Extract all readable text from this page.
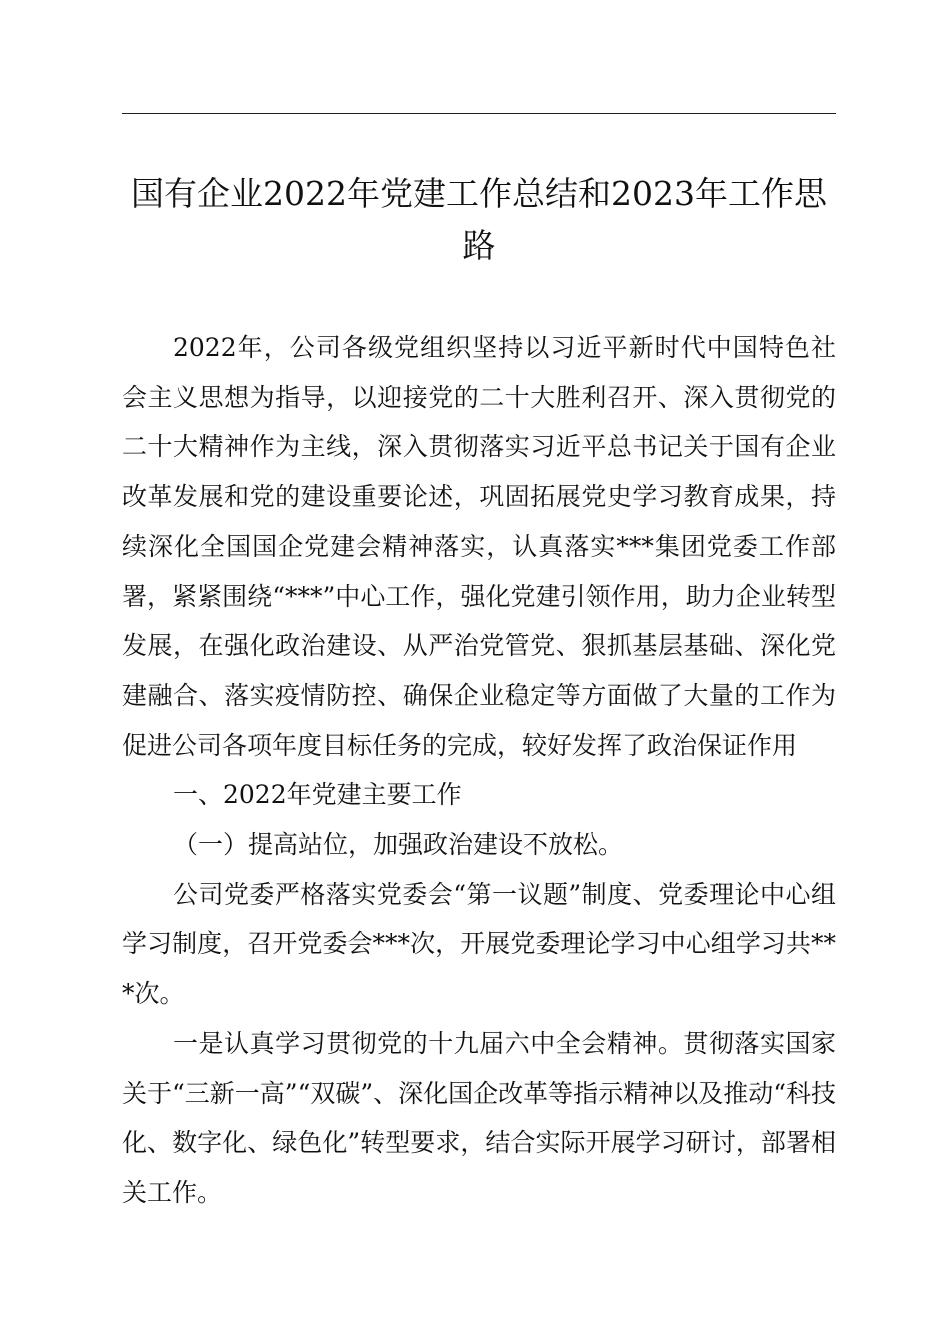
国有企业2022年党建工作总结和2023年工作思路

2022年，公司各级党组织坚持以习近平新时代中国特色社会主义思想为指导，以迎接党的二十大胜利召开、深入贯彻党的二十大精神作为主线，深入贯彻落实习近平总书记关于国有企业改革发展和党的建设重要论述，巩固拓展党史学习教育成果，持续深化全国国企党建会精神落实，认真落实***集团党委工作部署，紧紧围绕“***”中心工作，强化党建引领作用，助力企业转型发展，在强化政治建设、从严治党管党、狠抓基层基础、深化党建融合、落实疫情防控、确保企业稳定等方面做了大量的工作为促进公司各项年度目标任务的完成，较好发挥了政治保证作用

一、2022年党建主要工作

（一）提高站位，加强政治建设不放松。

公司党委严格落实党委会“第一议题”制度、党委理论中心组学习制度，召开党委会***次，开展党委理论学习中心组学习共***次。

一是认真学习贯彻党的十九届六中全会精神。贯彻落实国家关于“三新一高”“双碳”、深化国企改革等指示精神以及推动“科技化、数字化、绿色化”转型要求，结合实际开展学习研讨，部署相关工作。
